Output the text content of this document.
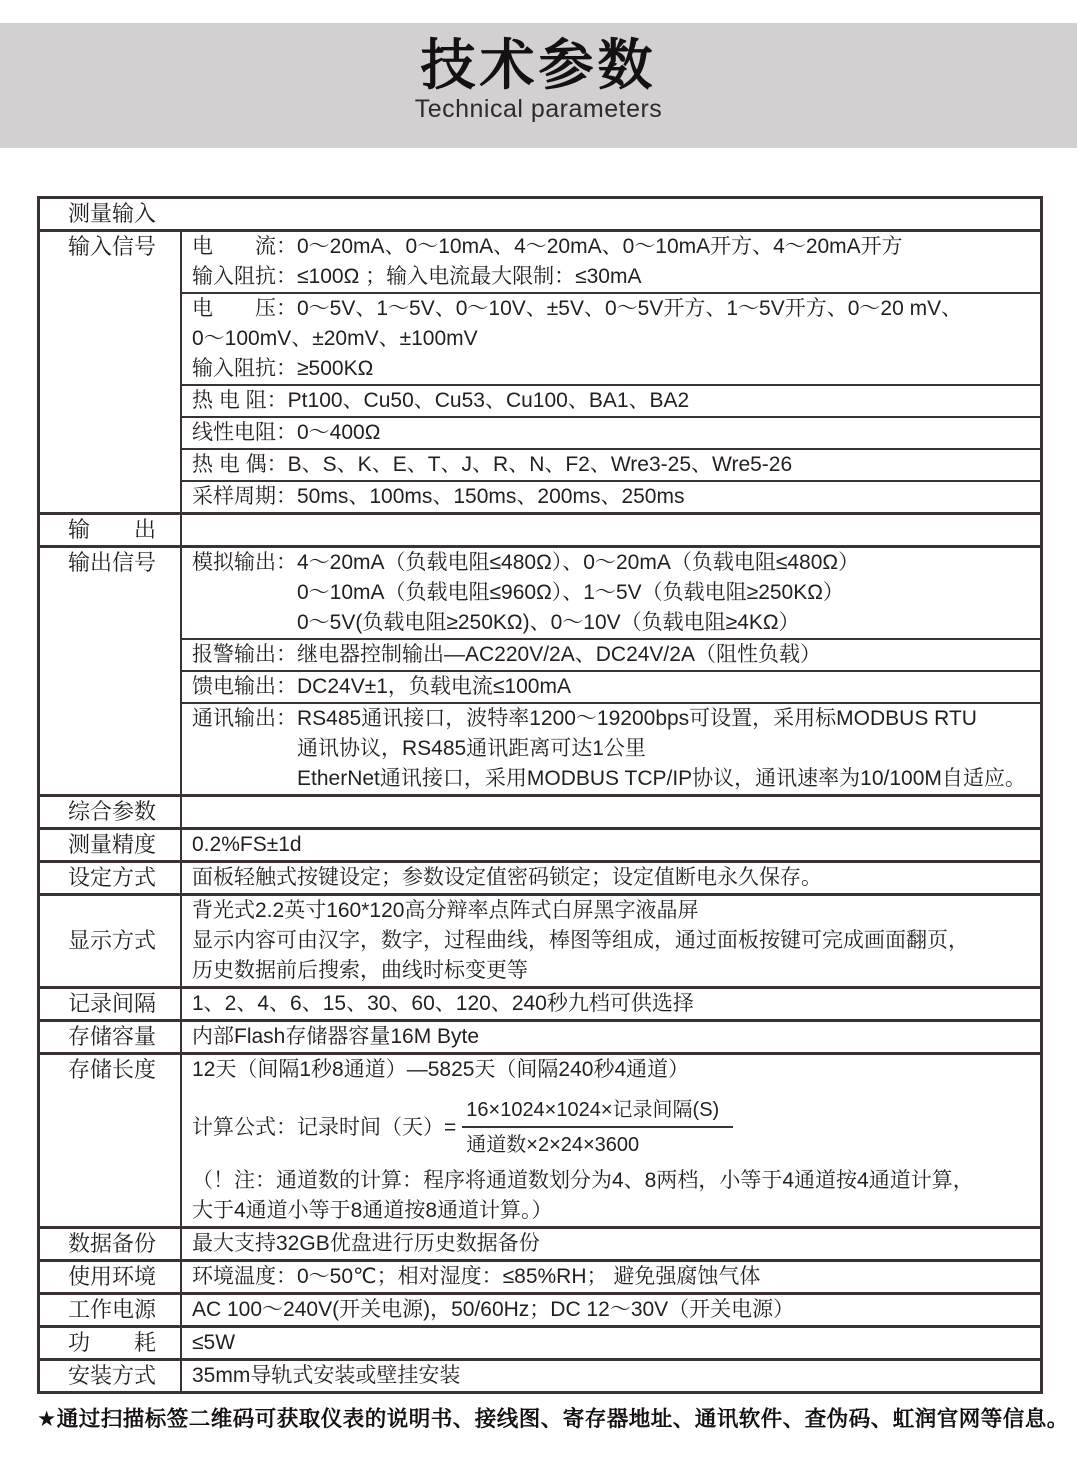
技术参数
Technical parameters
测量输入
输入信号 电　　流：0～20mA、0～10mA、4～20mA、0～10mA开方、4～20mA开方
输入阻抗：≤100Ω ；输入电流最大限制：≤30mA
电　　压：0～5V、1～5V、0～10V、±5V、0～5V开方、1～5V开方、0～20 mV、
0～100mV、±20mV、±100mV
输入阻抗：≥500KΩ
热 电 阻：Pt100、Cu50、Cu53、Cu100、BA1、BA2
线性电阻：0～400Ω
热 电 偶：B、S、K、E、T、J、R、N、F2、Wre3-25、Wre5-26
采样周期：50ms、100ms、150ms、200ms、250ms
输　　出
输出信号 模拟输出：4～20mA（负载电阻≤480Ω）、0～20mA（负载电阻≤480Ω）
　　　　　0～10mA（负载电阻≤960Ω）、1～5V（负载电阻≥250KΩ）
　　　　　0～5V(负载电阻≥250KΩ)、0～10V（负载电阻≥4KΩ）
报警输出：继电器控制输出—AC220V/2A、DC24V/2A（阻性负载）
馈电输出：DC24V±1，负载电流≤100mA
通讯输出：RS485通讯接口，波特率1200～19200bps可设置，采用标MODBUS RTU
　　　　　通讯协议，RS485通讯距离可达1公里
　　　　　EtherNet通讯接口，采用MODBUS TCP/IP协议，通讯速率为10/100M自适应。
综合参数
测量精度 0.2%FS±1d
设定方式 面板轻触式按键设定；参数设定值密码锁定；设定值断电永久保存。
显示方式
背光式2.2英寸160*120高分辩率点阵式白屏黑字液晶屏
显示内容可由汉字，数字，过程曲线，棒图等组成，通过面板按键可完成画面翻页，
历史数据前后搜索，曲线时标变更等
记录间隔 1、2、4、6、15、30、60、120、240秒九档可供选择
存储容量 内部Flash存储器容量16M Byte
存储长度 12天（间隔1秒8通道）—5825天（间隔240秒4通道）
计算公式：记录时间（天）= $\frac{\text{16×1024×1024×记录间隔(S)}}{\text{通道数×2×24×3600}}$
（！注：通道数的计算：程序将通道数划分为4、8两档，小等于4通道按4通道计算，
大于4通道小等于8通道按8通道计算。）
数据备份 最大支持32GB优盘进行历史数据备份
使用环境 环境温度：0～50℃；相对湿度：≤85%RH； 避免强腐蚀气体
工作电源 AC 100～240V(开关电源)，50/60Hz；DC 12～30V（开关电源）
功　　耗 ≤5W
安装方式 35mm导轨式安装或壁挂安装
★通过扫描标签二维码可获取仪表的说明书、接线图、寄存器地址、通讯软件、查伪码、虹润官网等信息。
